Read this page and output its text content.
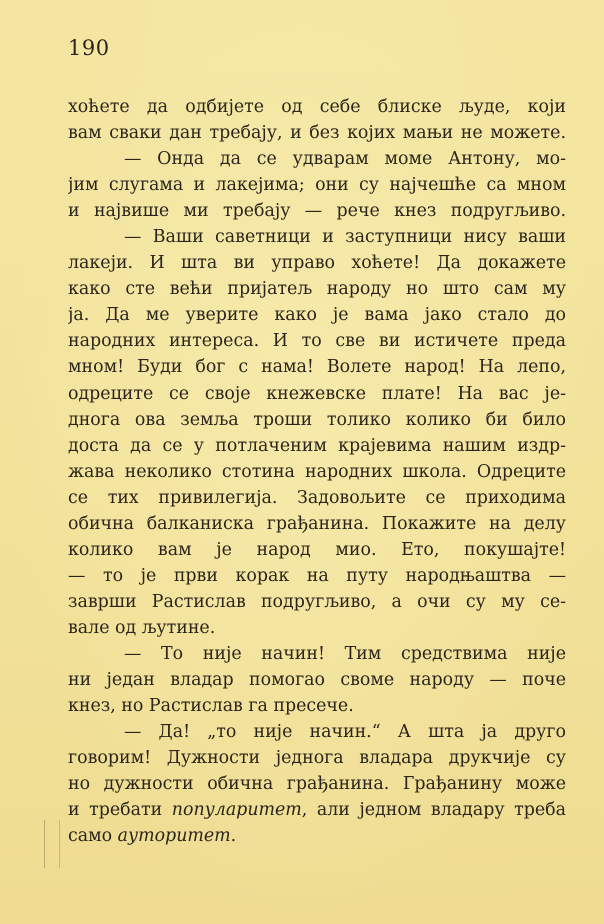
190
хоћете да одбијете од себе блиске људе, који
вам сваки дан требају, и без којих мањи не можете.
— Онда да се удварам моме Антону, мо-
јим слугама и лакејима; они су најчешће са мном
и највише ми требају — рече кнез подругљиво.
— Ваши саветници и заступници нису ваши
лакеји. И шта ви управо хоћете! Да докажете
како сте већи пријатељ народу но што сам му
ја. Да ме уверите како је вама јако стало до
народних интереса. И то све ви истичете преда
мном! Буди бог с нама! Волете народ! На лепо,
одреците се своје кнежевске плате! На вас је-
днога ова земља троши толико колико би било
доста да се у потлаченим крајевима нашим издр-
жава неколико стотина народних школа. Одреците
се тих привилегија. Задовољите се приходима
обична балканиска грађанина. Покажите на делу
колико вам је народ мио. Ето, покушајте!
— то је први корак на путу народњаштва —
заврши Растислав подругљиво, а очи су му се-
вале од љутине.
— То није начин! Тим средствима није
ни један владар помогао своме народу — поче
кнез, но Растислав га пресече.
— Да! „то није начин.“ А шта ја друго
говорим! Дужности једнога владара друкчије су
но дужности обична грађанина. Грађанину може
и требати популаритет, али једном владару треба
само ауторитет.
